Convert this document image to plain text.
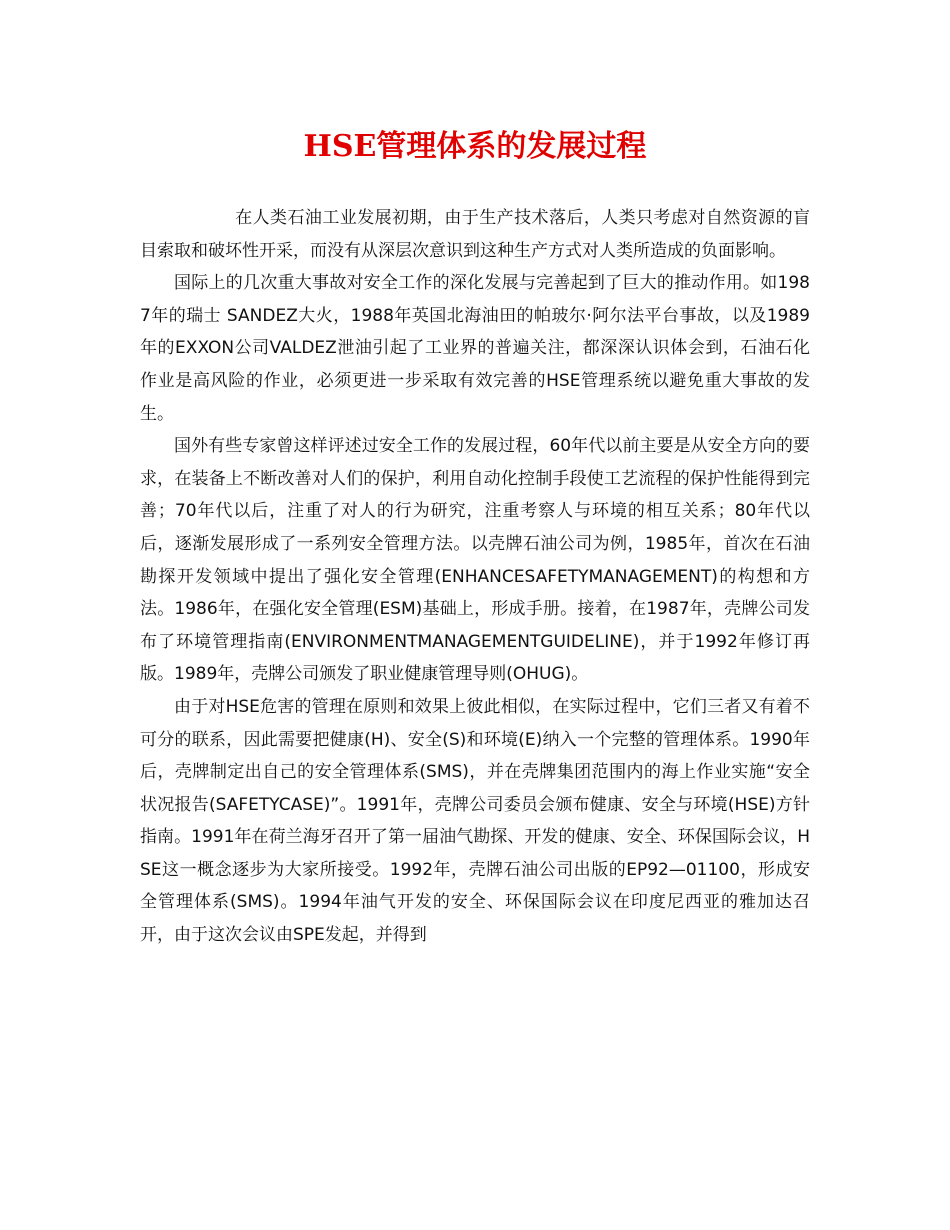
HSE管理体系的发展过程

在人类石油工业发展初期，由于生产技术落后，人类只考虑对自然资源的盲目索取和破坏性开采，而没有从深层次意识到这种生产方式对人类所造成的负面影响。

国际上的几次重大事故对安全工作的深化发展与完善起到了巨大的推动作用。如1987年的瑞士 SANDEZ大火，1988年英国北海油田的帕玻尔·阿尔法平台事故，以及1989年的EXXON公司VALDEZ泄油引起了工业界的普遍关注，都深深认识体会到，石油石化作业是高风险的作业，必须更进一步采取有效完善的HSE管理系统以避免重大事故的发生。

国外有些专家曾这样评述过安全工作的发展过程，60年代以前主要是从安全方向的要求，在装备上不断改善对人们的保护，利用自动化控制手段使工艺流程的保护性能得到完善；70年代以后，注重了对人的行为研究，注重考察人与环境的相互关系；80年代以后，逐渐发展形成了一系列安全管理方法。以壳牌石油公司为例，1985年，首次在石油勘探开发领域中提出了强化安全管理(ENHANCESAFETYMANAGEMENT)的构想和方法。1986年，在强化安全管理(ESM)基础上，形成手册。接着，在1987年，壳牌公司发布了环境管理指南(ENVIRONMENTMANAGEMENTGUIDELINE)，并于1992年修订再版。1989年，壳牌公司颁发了职业健康管理导则(OHUG)。

由于对HSE危害的管理在原则和效果上彼此相似，在实际过程中，它们三者又有着不可分的联系，因此需要把健康(H)、安全(S)和环境(E)纳入一个完整的管理体系。1990年后，壳牌制定出自己的安全管理体系(SMS)，并在壳牌集团范围内的海上作业实施“安全状况报告(SAFETYCASE)”。1991年，壳牌公司委员会颁布健康、安全与环境(HSE)方针指南。1991年在荷兰海牙召开了第一届油气勘探、开发的健康、安全、环保国际会议，HSE这一概念逐步为大家所接受。1992年，壳牌石油公司出版的EP92—01100，形成安全管理体系(SMS)。1994年油气开发的安全、环保国际会议在印度尼西亚的雅加达召开，由于这次会议由SPE发起，并得到
